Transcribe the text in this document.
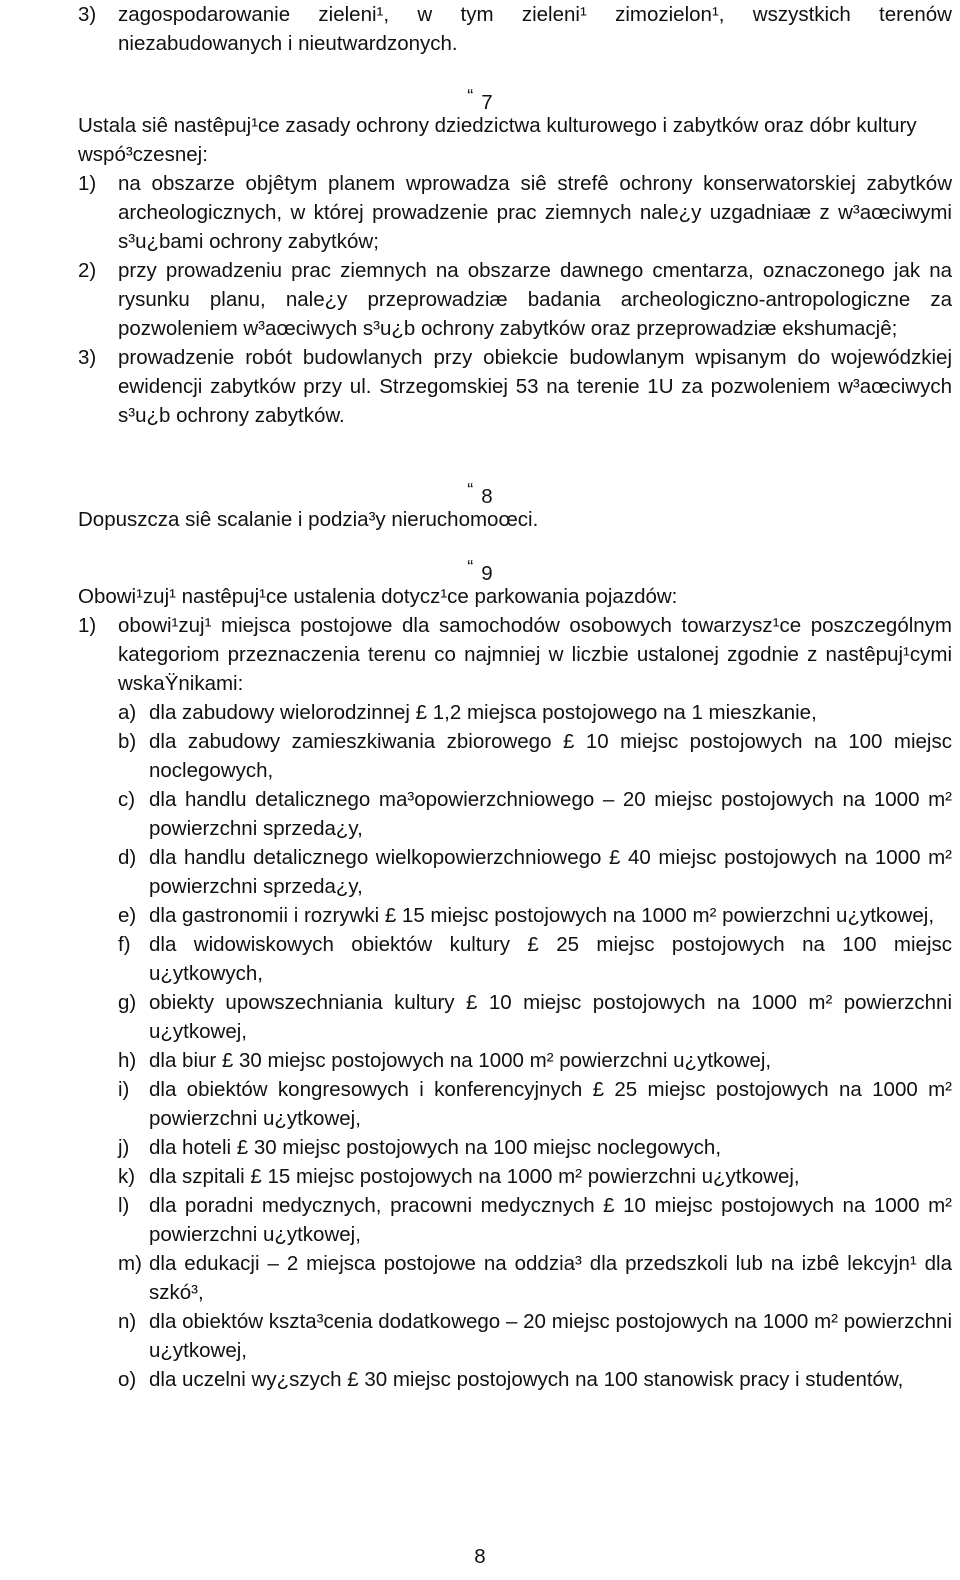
3) zagospodarowanie zieleni¹, w tym zieleni¹ zimozielon¹, wszystkich terenów niezabudowanych i nieutwardzonych.
“ 7
Ustala siê nastêpuj¹ce zasady ochrony dziedzictwa kulturowego i zabytków oraz dóbr kultury wspó³czesnej:
1) na obszarze objêtym planem wprowadza siê strefê ochrony konserwatorskiej zabytków archeologicznych, w której prowadzenie prac ziemnych nale¿y uzgadniaæ z w³aœciwymi s³u¿bami ochrony zabytków;
2) przy prowadzeniu prac ziemnych na obszarze dawnego cmentarza, oznaczonego jak na rysunku planu, nale¿y przeprowadziæ badania archeologiczno-antropologiczne za pozwoleniem w³aœciwych s³u¿b ochrony zabytków oraz przeprowadziæ ekshumacjê;
3) prowadzenie robót budowlanych przy obiekcie budowlanym wpisanym do wojewódzkiej ewidencji zabytków przy ul. Strzegomskiej 53 na terenie 1U za pozwoleniem w³aœciwych s³u¿b ochrony zabytków.
“ 8
Dopuszcza siê scalanie i podzia³y nieruchomoœci.
“ 9
Obowi¹zuj¹ nastêpuj¹ce ustalenia dotycz¹ce parkowania pojazdów:
1) obowi¹zuj¹ miejsca postojowe dla samochodów osobowych towarzysz¹ce poszczególnym kategoriom przeznaczenia terenu co najmniej w liczbie ustalonej zgodnie z nastêpuj¹cymi wskaŸnikami:
a) dla zabudowy wielorodzinnej £ 1,2 miejsca postojowego na 1 mieszkanie,
b) dla zabudowy zamieszkiwania zbiorowego £ 10 miejsc postojowych na 100 miejsc noclegowych,
c) dla handlu detalicznego ma³opowierzchniowego – 20 miejsc postojowych na 1000 m² powierzchni sprzeda¿y,
d) dla handlu detalicznego wielkopowierzchniowego £ 40 miejsc postojowych na 1000 m² powierzchni sprzeda¿y,
e) dla gastronomii i rozrywki £ 15 miejsc postojowych na 1000 m² powierzchni u¿ytkowej,
f) dla widowiskowych obiektów kultury £ 25 miejsc postojowych na 100 miejsc u¿ytkowych,
g) obiekty upowszechniania kultury £ 10 miejsc postojowych na 1000 m² powierzchni u¿ytkowej,
h) dla biur £ 30 miejsc postojowych na 1000 m² powierzchni u¿ytkowej,
i) dla obiektów kongresowych i konferencyjnych £ 25 miejsc postojowych na 1000 m² powierzchni u¿ytkowej,
j) dla hoteli £ 30 miejsc postojowych na 100 miejsc noclegowych,
k) dla szpitali £ 15 miejsc postojowych na 1000 m² powierzchni u¿ytkowej,
l) dla poradni medycznych, pracowni medycznych £ 10 miejsc postojowych na 1000 m² powierzchni u¿ytkowej,
m) dla edukacji – 2 miejsca postojowe na oddzia³ dla przedszkoli lub na izbê lekcyjn¹ dla szkó³,
n) dla obiektów kszta³cenia dodatkowego – 20 miejsc postojowych na 1000 m² powierzchni u¿ytkowej,
o) dla uczelni wy¿szych £ 30 miejsc postojowych na 100 stanowisk pracy i studentów,
8
